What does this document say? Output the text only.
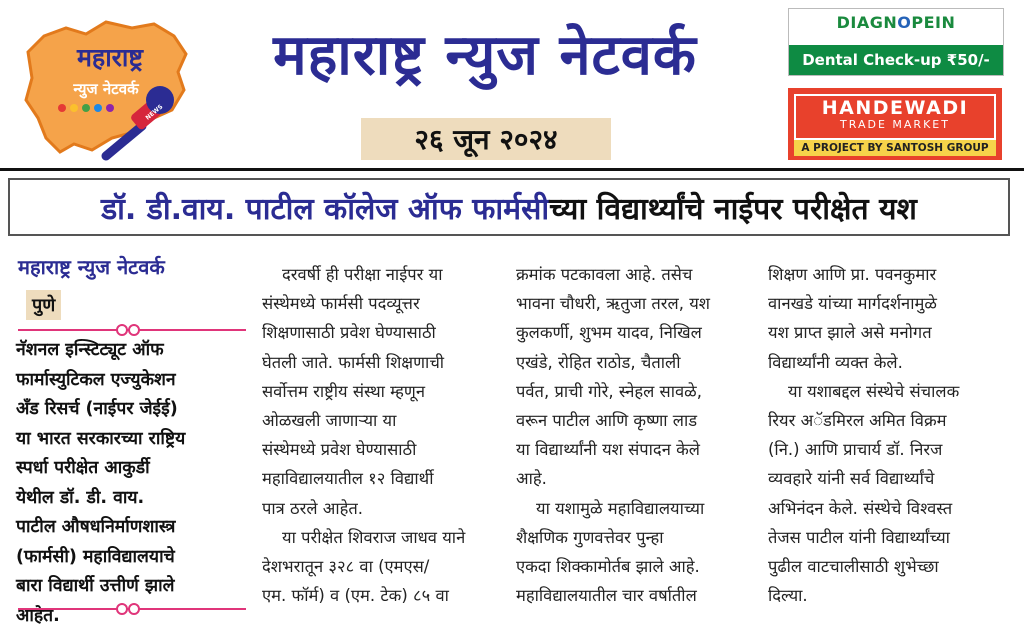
महाराष्ट्र
न्युज नेटवर्क
NEWS
महाराष्ट्र न्युज नेटवर्क
२६ जून २०२४
DIAGNOPEIN
Dental Check-up ₹50/-
HANDEWADI
TRADE MARKET
A PROJECT BY SANTOSH GROUP
डॉ. डी.वाय. पाटील कॉलेज ऑफ फार्मसी च्या विद्यार्थ्यांचे नाईपर परीक्षेत यश
महाराष्ट्र न्युज नेटवर्क
पुणे
नॅशनल इन्स्टिट्यूट ऑफ
फार्मास्युटिकल एज्युकेशन
अँड रिसर्च (नाईपर जेईई)
या भारत सरकारच्या राष्ट्रिय
स्पर्धा परीक्षेत आकुर्डी
येथील डॉ. डी. वाय.
पाटील औषधनिर्माणशास्त्र
(फार्मसी) महाविद्यालयाचे
बारा विद्यार्थी उत्तीर्ण झाले
आहेत.
दरवर्षी ही परीक्षा नाईपर या
संस्थेमध्ये फार्मसी पदव्यूत्तर
शिक्षणासाठी प्रवेश घेण्यासाठी
घेतली जाते. फार्मसी शिक्षणाची
सर्वोत्तम राष्ट्रीय संस्था म्हणून
ओळखली जाणाऱ्या या
संस्थेमध्ये प्रवेश घेण्यासाठी
महाविद्यालयातील १२ विद्यार्थी
पात्र ठरले आहेत.
या परीक्षेत शिवराज जाधव याने
देशभरातून ३२८ वा (एमएस/
एम. फॉर्म) व (एम. टेक) ८५ वा
क्रमांक पटकावला आहे. तसेच
भावना चौधरी, ऋतुजा तरल, यश
कुलकर्णी, शुभम यादव, निखिल
एखंडे, रोहित राठोड, चैताली
पर्वत, प्राची गोरे, स्नेहल सावळे,
वरून पाटील आणि कृष्णा लाड
या विद्यार्थ्यांनी यश संपादन केले
आहे.
या यशामुळे महाविद्यालयाच्या
शैक्षणिक गुणवत्तेवर पुन्हा
एकदा शिक्कामोर्तब झाले आहे.
महाविद्यालयातील चार वर्षातील
शिक्षण आणि प्रा. पवनकुमार
वानखडे यांच्या मार्गदर्शनामुळे
यश प्राप्त झाले असे मनोगत
विद्यार्थ्यांनी व्यक्त केले.
या यशाबद्दल संस्थेचे संचालक
रियर अॅडमिरल अमित विक्रम
(नि.) आणि प्राचार्य डॉ. निरज
व्यवहारे यांनी सर्व विद्यार्थ्यांचे
अभिनंदन केले. संस्थेचे विश्वस्त
तेजस पाटील यांनी विद्यार्थ्यांच्या
पुढील वाटचालीसाठी शुभेच्छा
दिल्या.
